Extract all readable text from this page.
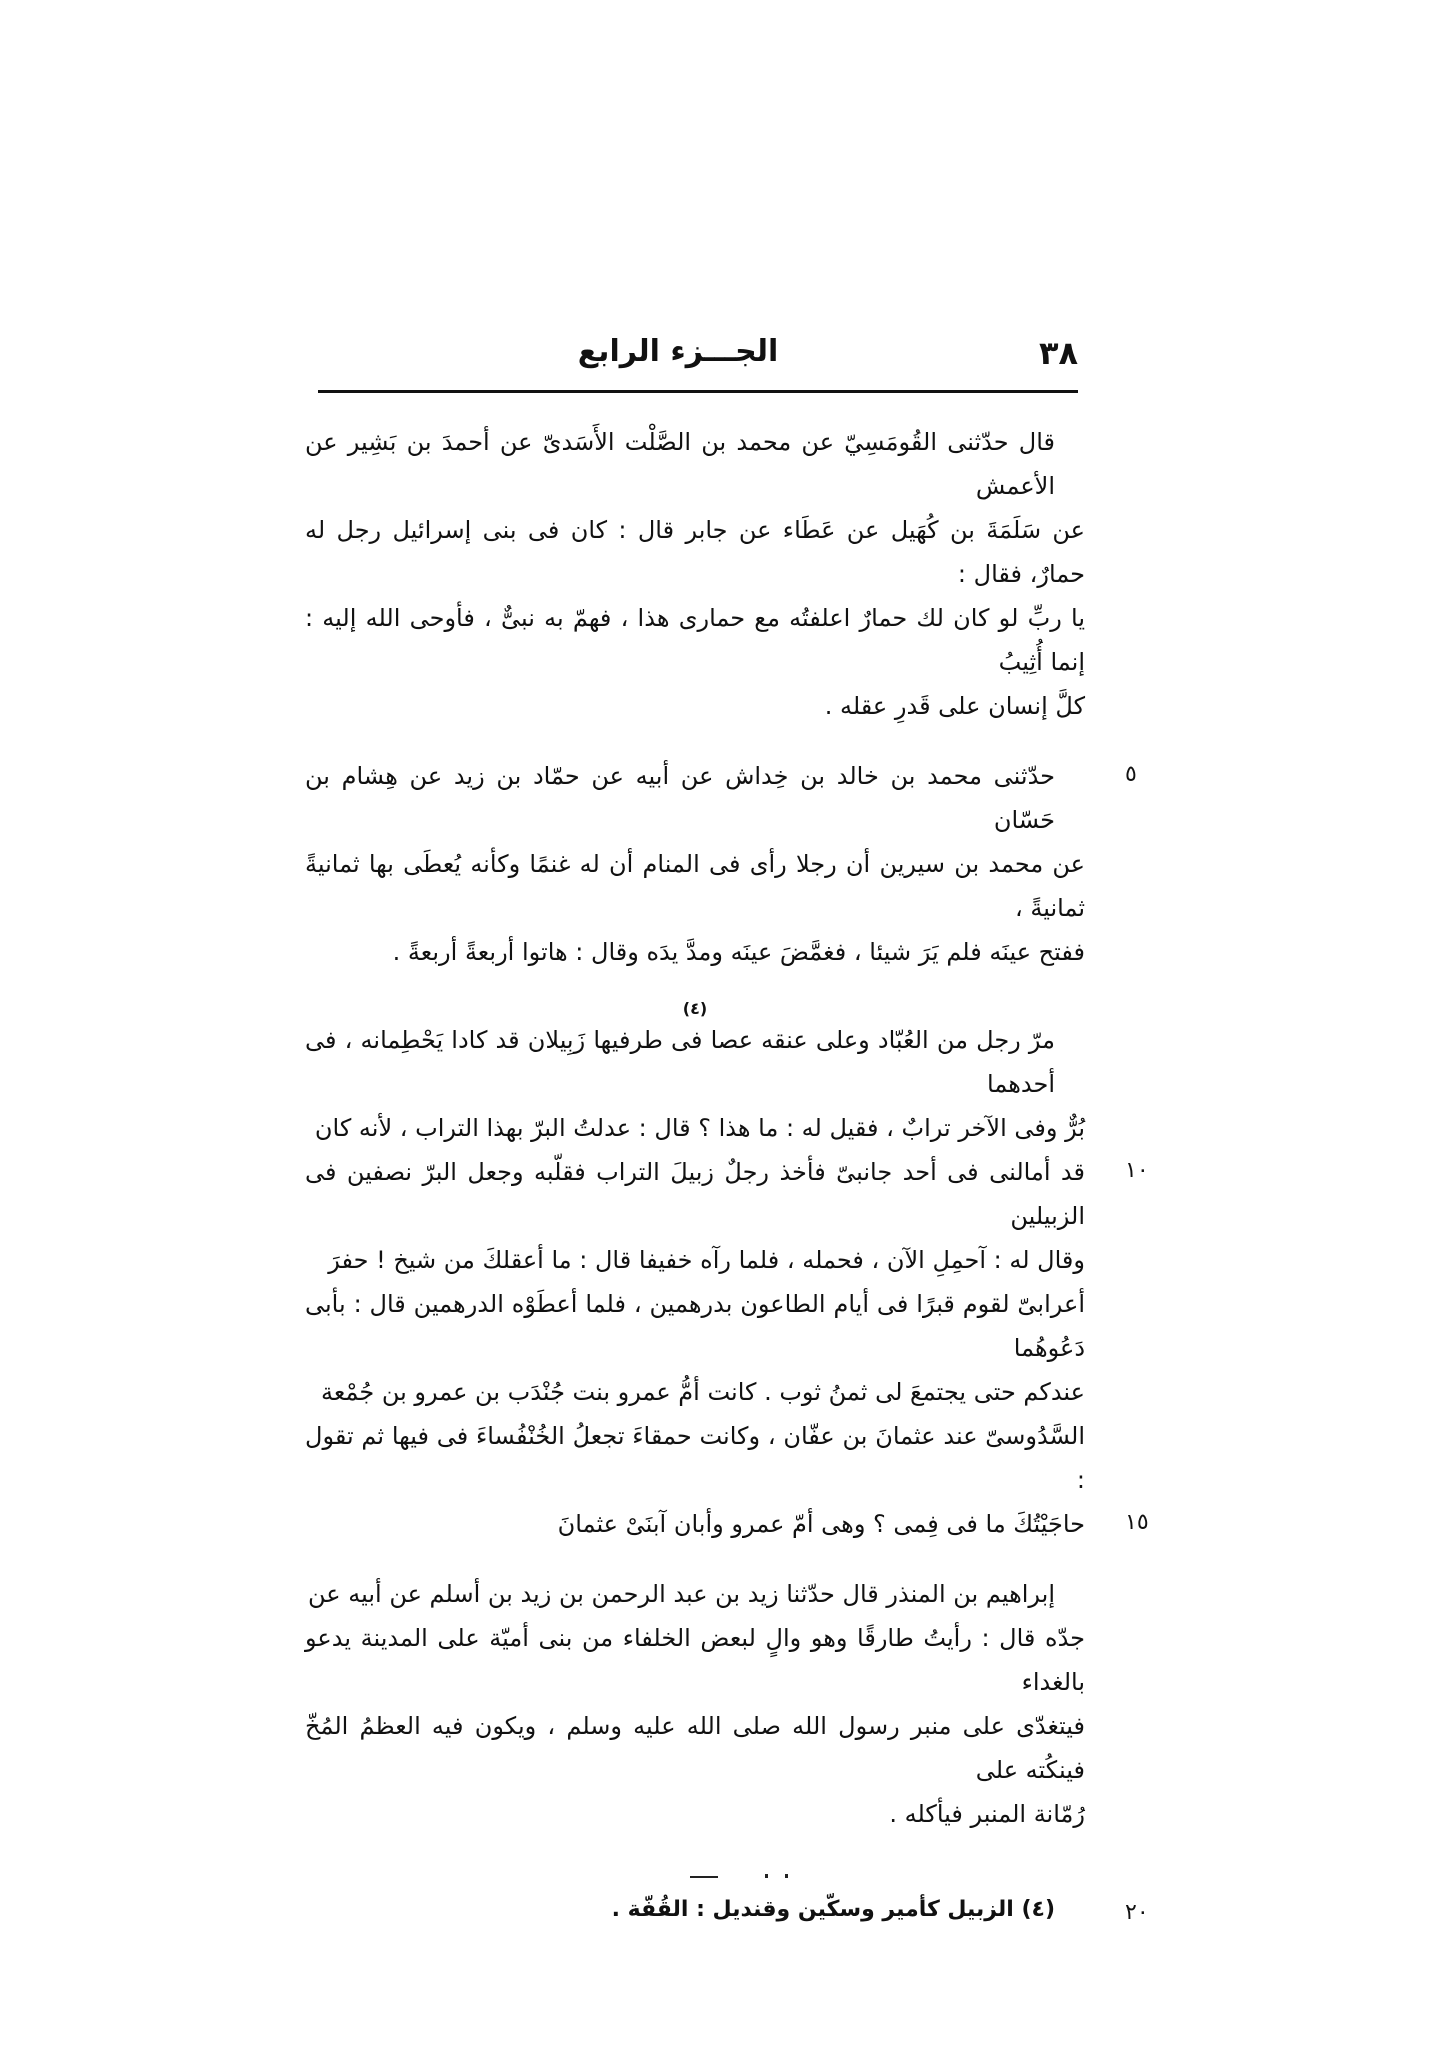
٣٨
الجـــزء الرابع
قال حدّثنى القُومَسِيّ عن محمد بن الصَّلْت الأَسَدىّ عن أحمدَ بن بَشِير عن الأعمش
عن سَلَمَةَ بن كُهَيل عن عَطَاء عن جابر قال : كان فى بنى إسرائيل رجل له حمارٌ، فقال :
يا ربِّ لو كان لك حمارٌ اعلفتُه مع حمارى هذا ، فهمّ به نبىٌّ ، فأوحى الله إليه : إنما أُثِيبُ
كلَّ إنسان على قَدرِ عقله .
حدّثنى محمد بن خالد بن خِداش عن أبيه عن حمّاد بن زيد عن هِشام بن حَسّان
عن محمد بن سيرين أن رجلا رأى فى المنام أن له غنمًا وكأنه يُعطَى بها ثمانيةً ثمانيةً ،
ففتح عينَه فلم يَرَ شيئا ، فغمَّضَ عينَه ومدَّ يدَه وقال : هاتوا أربعةً أربعةً .
(٤)
مرّ رجل من العُبّاد وعلى عنقه عصا فى طرفيها زَبِيلان قد كادا يَحْطِمانه ، فى أحدهما
بُرٌّ وفى الآخر ترابٌ ، فقيل له : ما هذا ؟ قال : عدلتُ البرّ بهذا التراب ، لأنه كان
قد أمالنى فى أحد جانبىّ فأخذ رجلٌ زبيلَ التراب فقلّبه وجعل البرّ نصفين فى الزبيلين
وقال له : آحمِلِ الآن ، فحمله ، فلما رآه خفيفا قال : ما أعقلكَ من شيخ ! حفرَ
أعرابىّ لقوم قبرًا فى أيام الطاعون بدرهمين ، فلما أعطَوْه الدرهمين قال : بأبى دَعُوهُما
عندكم حتى يجتمعَ لى ثمنُ ثوب . كانت أمُّ عمرو بنت جُنْدَب بن عمرو بن جُمْعة
السَّدُوسىّ عند عثمانَ بن عفّان ، وكانت حمقاءَ تجعلُ الخُنْفُساءَ فى فيها ثم تقول :
حاجَيْتُكَ ما فى فِمى ؟ وهى أمّ عمرو وأبان آبنَىْ عثمانَ
إبراهيم بن المنذر قال حدّثنا زيد بن عبد الرحمن بن زيد بن أسلم عن أبيه عن
جدّه قال : رأيتُ طارقًا وهو والٍ لبعض الخلفاء من بنى أميّة على المدينة يدعو بالغداء
فيتغدّى على منبر رسول الله صلى الله عليه وسلم ، ويكون فيه العظمُ المُخّ فينكُته على
رُمّانة المنبر فيأكله .
(٤) الزبيل كأمير وسكّين وقنديل : القُفّة .
٥
١٠
١٥
٢٠
